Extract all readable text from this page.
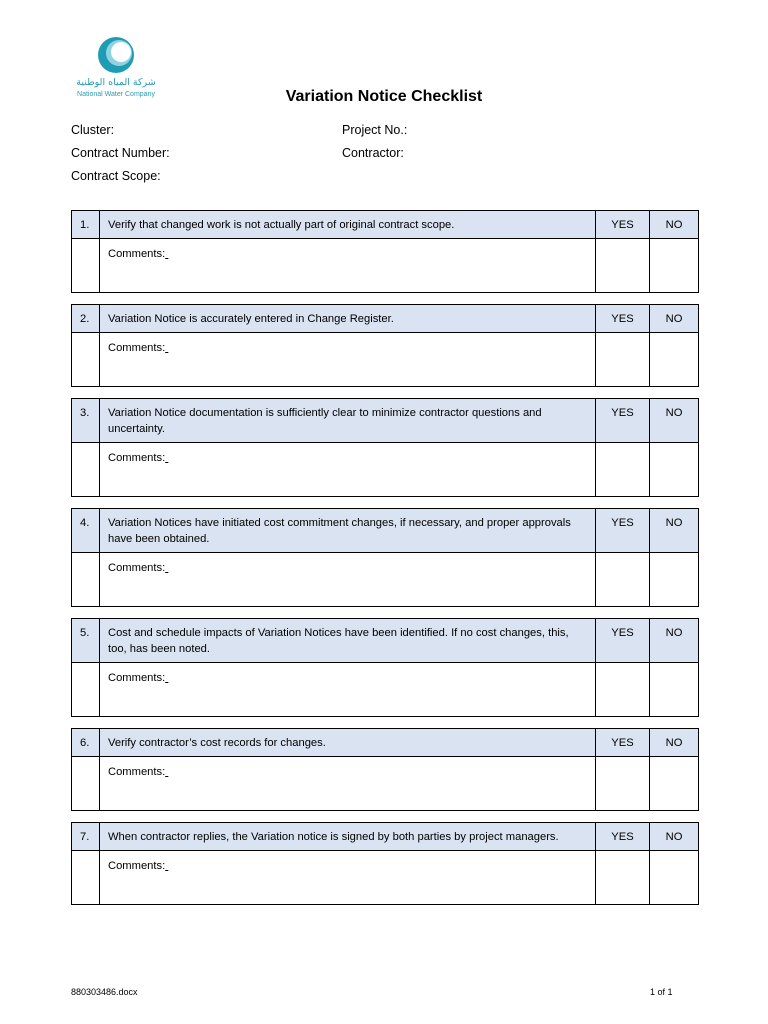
شركة المياه الوطنية
National Water Company	Variation Notice Checklist
Cluster:	Project No.:
Contract Number:	Contractor:
Contract Scope:
1.	Verify that changed work is not actually part of original contract scope.	YES	NO
	Comments:		

2.	Variation Notice is accurately entered in Change Register.	YES	NO
	Comments:		

3.	Variation Notice documentation is sufficiently clear to minimize contractor questions and uncertainty.	YES	NO
	Comments:		

4.	Variation Notices have initiated cost commitment changes, if necessary, and proper approvals have been obtained.	YES	NO
	Comments:		

5.	Cost and schedule impacts of Variation Notices have been identified. If no cost changes, this, too, has been noted.	YES	NO
	Comments:		

6.	Verify contractor’s cost records for changes.	YES	NO
	Comments:		

7.	When contractor replies, the Variation notice is signed by both parties by project managers.	YES	NO
	Comments:		
880303486.docx	1 of 1
